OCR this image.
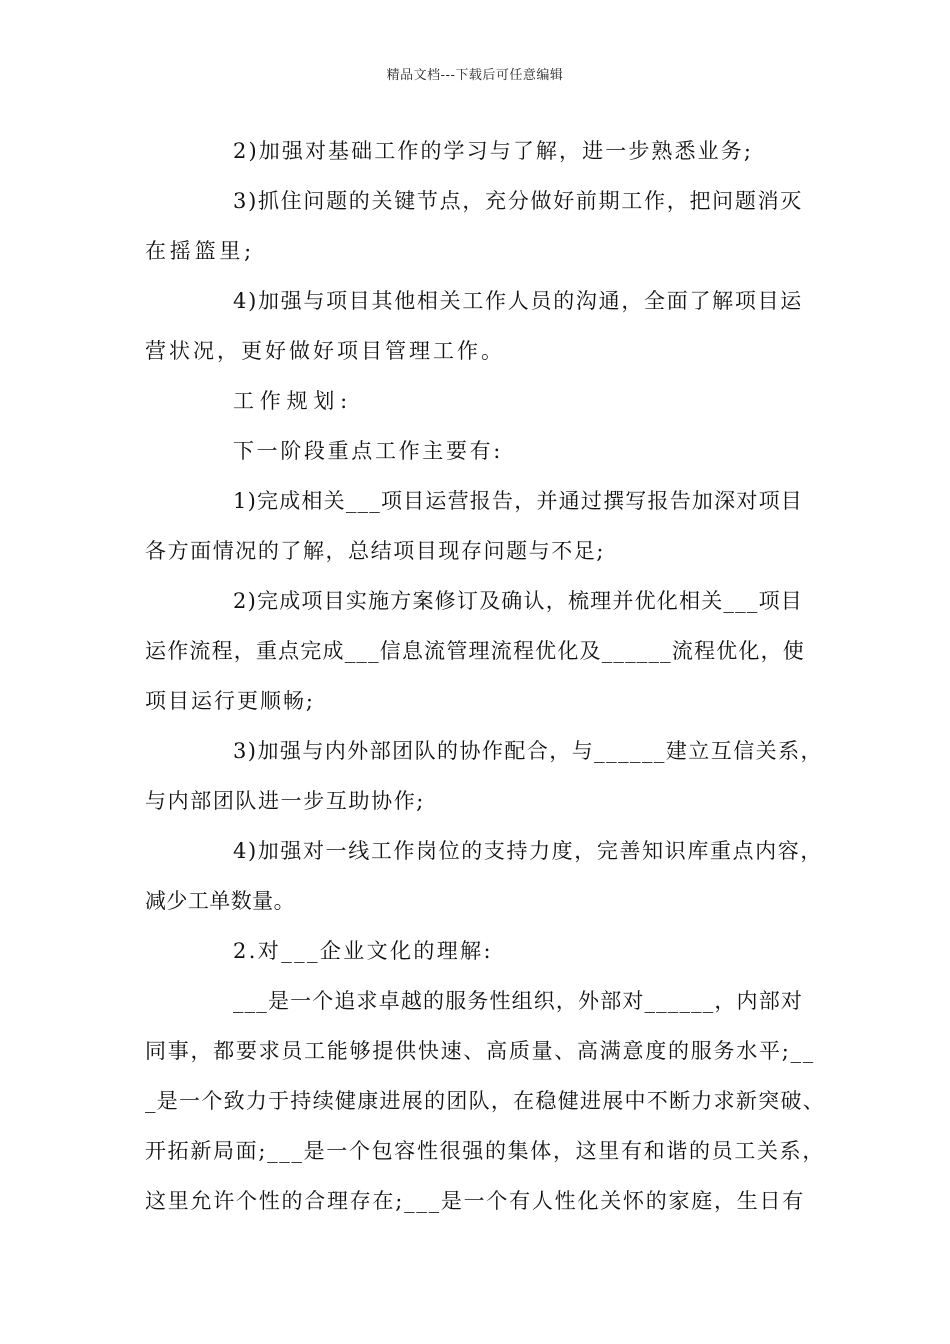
精品文档---下载后可任意编辑
2)加强对基础工作的学习与了解，进一步熟悉业务;
3)抓住问题的关键节点，充分做好前期工作，把问题消灭
在摇篮里;
4)加强与项目其他相关工作人员的沟通，全面了解项目运
营状况，更好做好项目管理工作。
工作规划:
下一阶段重点工作主要有:
1)完成相关___项目运营报告，并通过撰写报告加深对项目
各方面情况的了解，总结项目现存问题与不足;
2)完成项目实施方案修订及确认，梳理并优化相关___项目
运作流程，重点完成___信息流管理流程优化及______流程优化，使
项目运行更顺畅;
3)加强与内外部团队的协作配合，与______建立互信关系，
与内部团队进一步互助协作;
4)加强对一线工作岗位的支持力度，完善知识库重点内容，
减少工单数量。
2.对___企业文化的理解:
___是一个追求卓越的服务性组织，外部对______，内部对
同事，都要求员工能够提供快速、高质量、高满意度的服务水平;__
_是一个致力于持续健康进展的团队，在稳健进展中不断力求新突破、
开拓新局面;___是一个包容性很强的集体，这里有和谐的员工关系，
这里允许个性的合理存在;___是一个有人性化关怀的家庭，生日有
